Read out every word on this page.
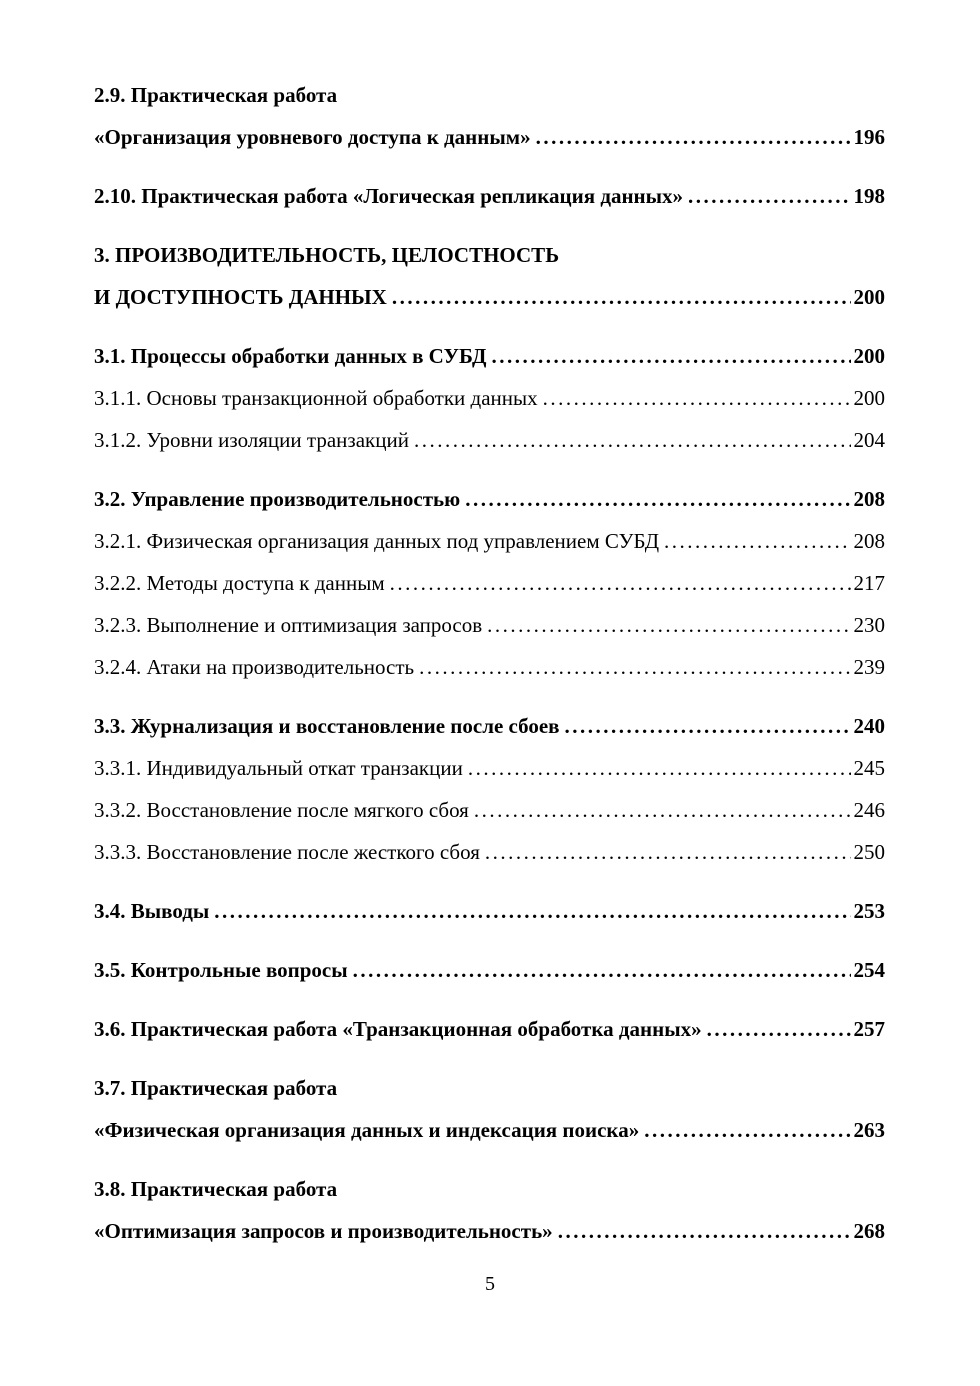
2.9. Практическая работа
«Организация уровневого доступа к данным» .....	196
2.10. Практическая работа «Логическая репликация данных» .....	198
3. ПРОИЗВОДИТЕЛЬНОСТЬ, ЦЕЛОСТНОСТЬ
И ДОСТУПНОСТЬ ДАННЫХ .....	200
3.1. Процессы обработки данных в СУБД .....	200
3.1.1. Основы транзакционной обработки данных .....	200
3.1.2. Уровни изоляции транзакций .....	204
3.2. Управление производительностью .....	208
3.2.1. Физическая организация данных под управлением СУБД .....	208
3.2.2. Методы доступа к данным .....	217
3.2.3. Выполнение и оптимизация запросов .....	230
3.2.4. Атаки на производительность .....	239
3.3. Журнализация и восстановление после сбоев .....	240
3.3.1. Индивидуальный откат транзакции .....	245
3.3.2. Восстановление после мягкого сбоя .....	246
3.3.3. Восстановление после жесткого сбоя .....	250
3.4. Выводы .....	253
3.5. Контрольные вопросы .....	254
3.6. Практическая работа «Транзакционная обработка данных» .....	257
3.7. Практическая работа
«Физическая организация данных и индексация поиска» .....	263
3.8. Практическая работа
«Оптимизация запросов и производительность» .....	268
5
